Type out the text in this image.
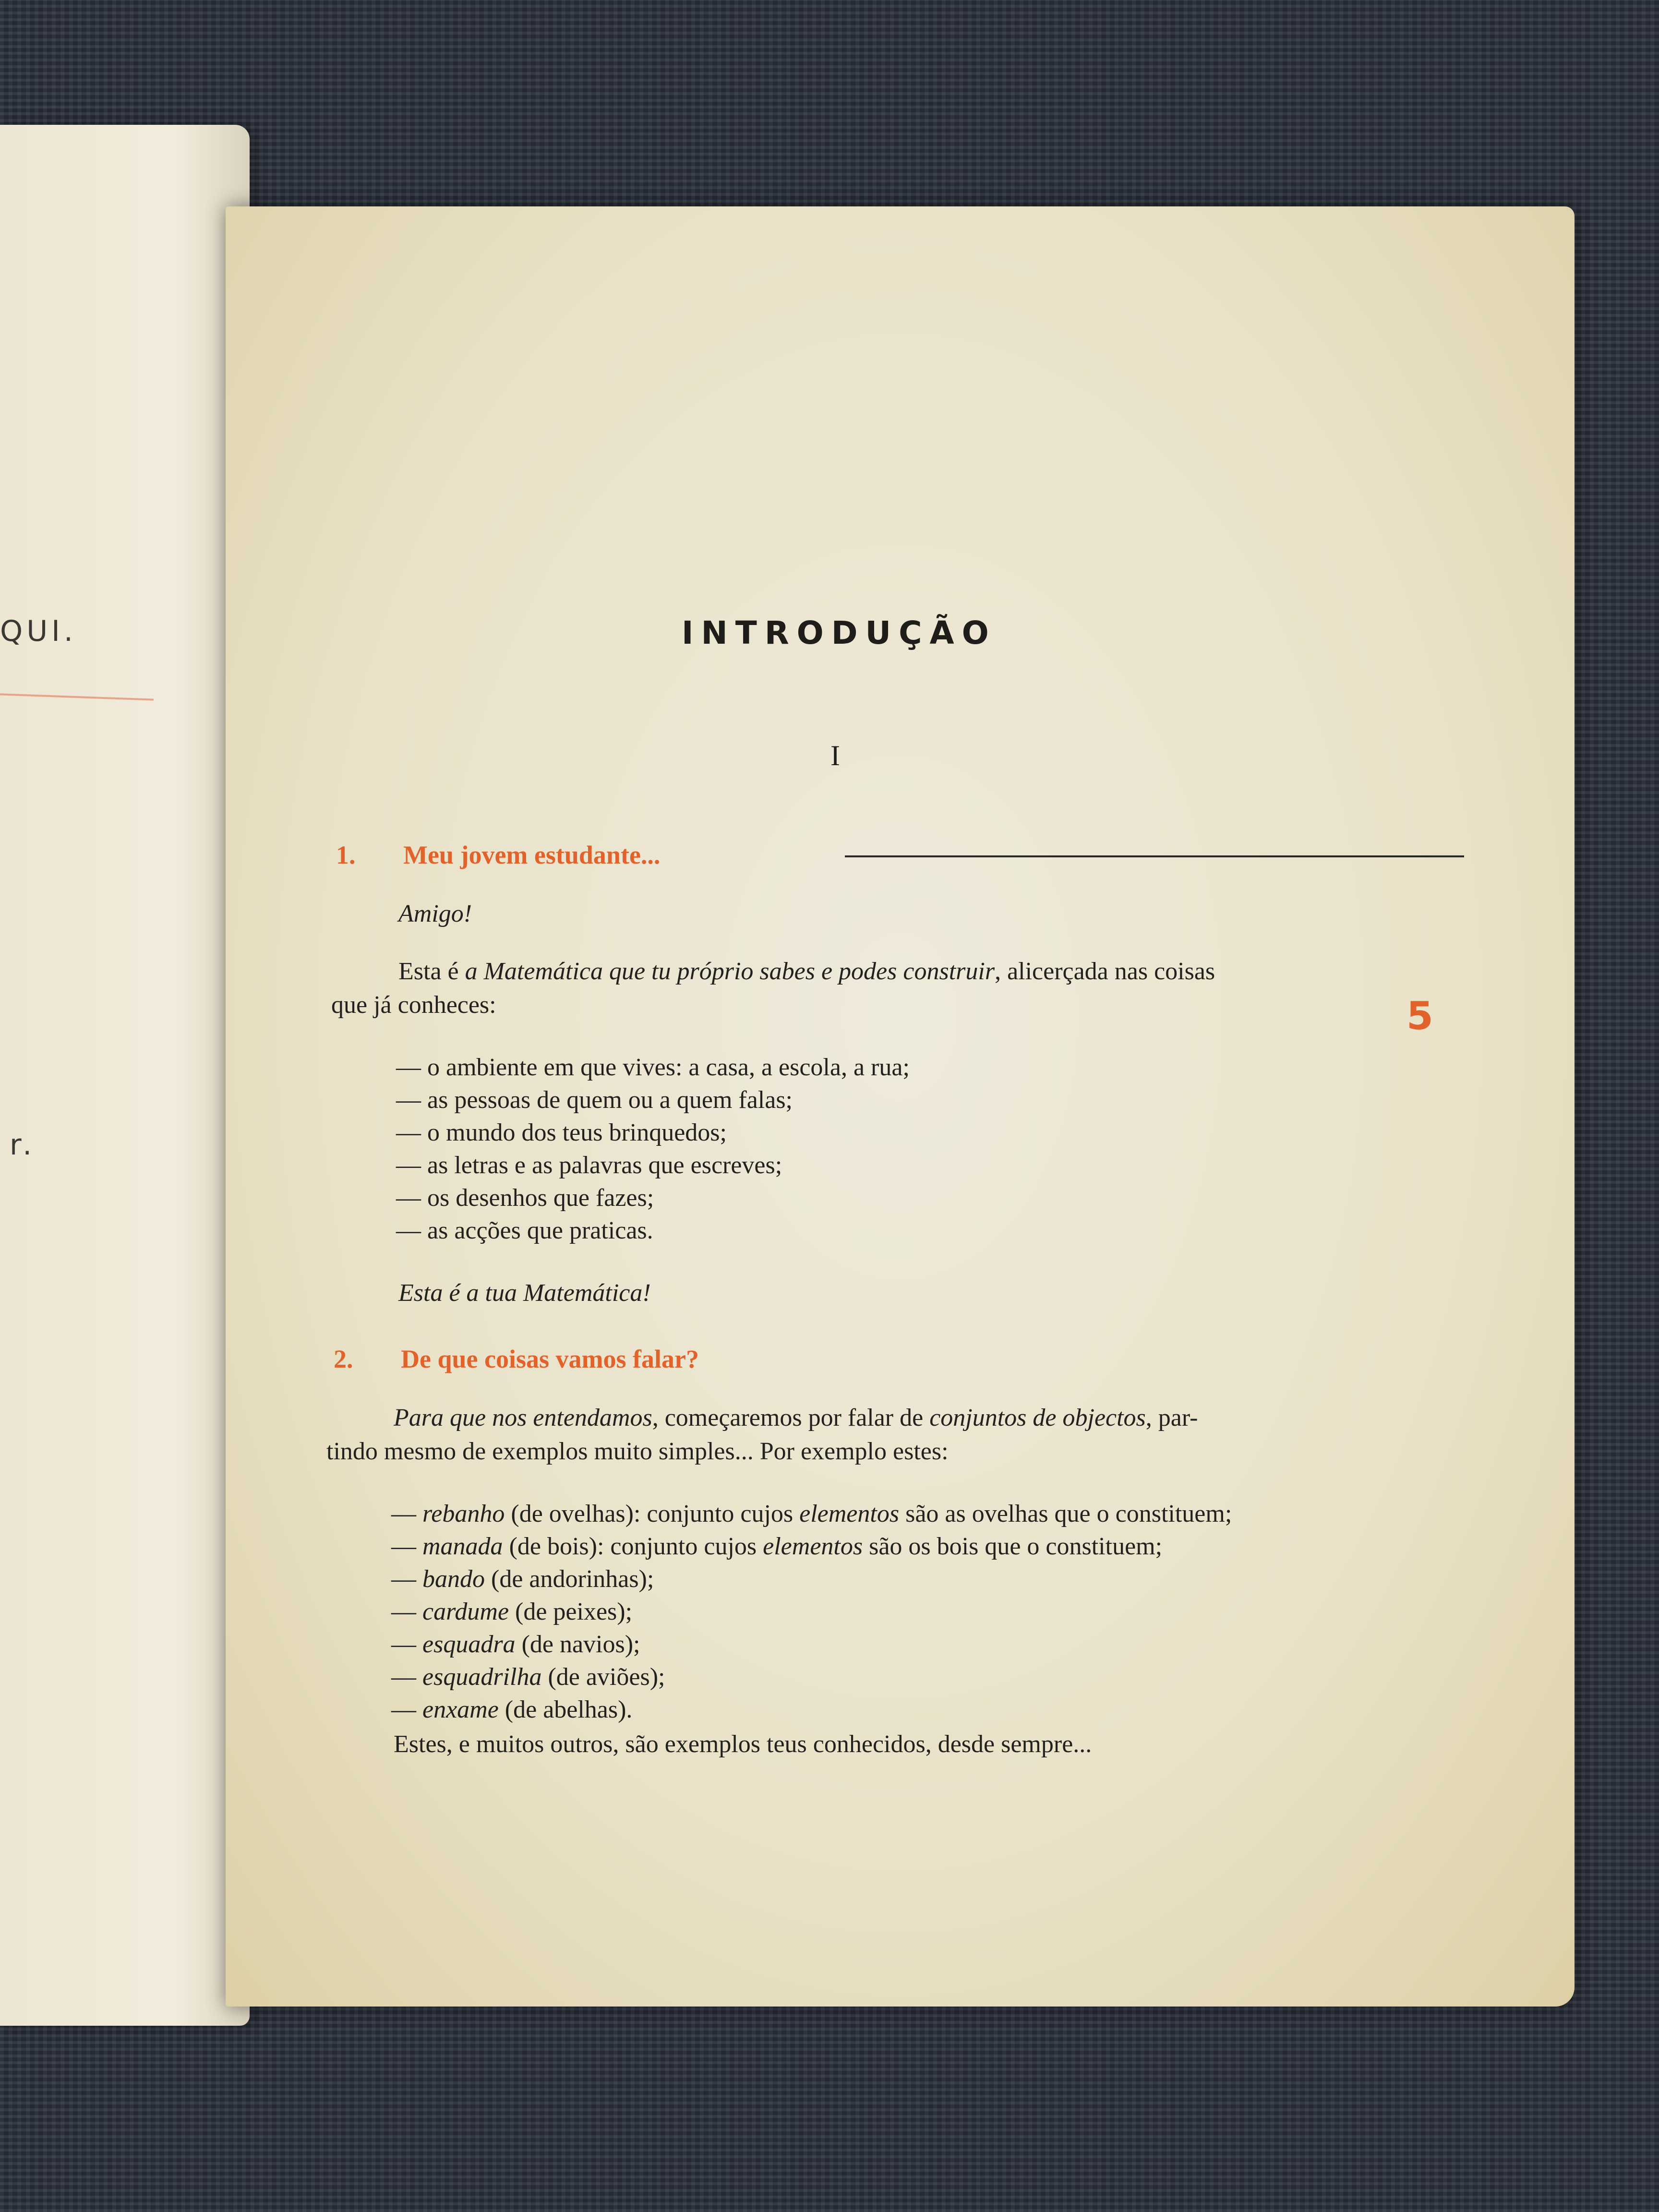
QUI.
r.
INTRODUÇÃO
I
1. Meu jovem estudante...
Amigo!
Esta é a Matemática que tu próprio sabes e podes construir, alicerçada nas coisas
que já conheces:
— o ambiente em que vives: a casa, a escola, a rua;
— as pessoas de quem ou a quem falas;
— o mundo dos teus brinquedos;
— as letras e as palavras que escreves;
— os desenhos que fazes;
— as acções que praticas.
Esta é a tua Matemática!
2. De que coisas vamos falar?
Para que nos entendamos, começaremos por falar de conjuntos de objectos, par-
tindo mesmo de exemplos muito simples... Por exemplo estes:
— rebanho (de ovelhas): conjunto cujos elementos são as ovelhas que o constituem;
— manada (de bois): conjunto cujos elementos são os bois que o constituem;
— bando (de andorinhas);
— cardume (de peixes);
— esquadra (de navios);
— esquadrilha (de aviões);
— enxame (de abelhas).
Estes, e muitos outros, são exemplos teus conhecidos, desde sempre...
5
